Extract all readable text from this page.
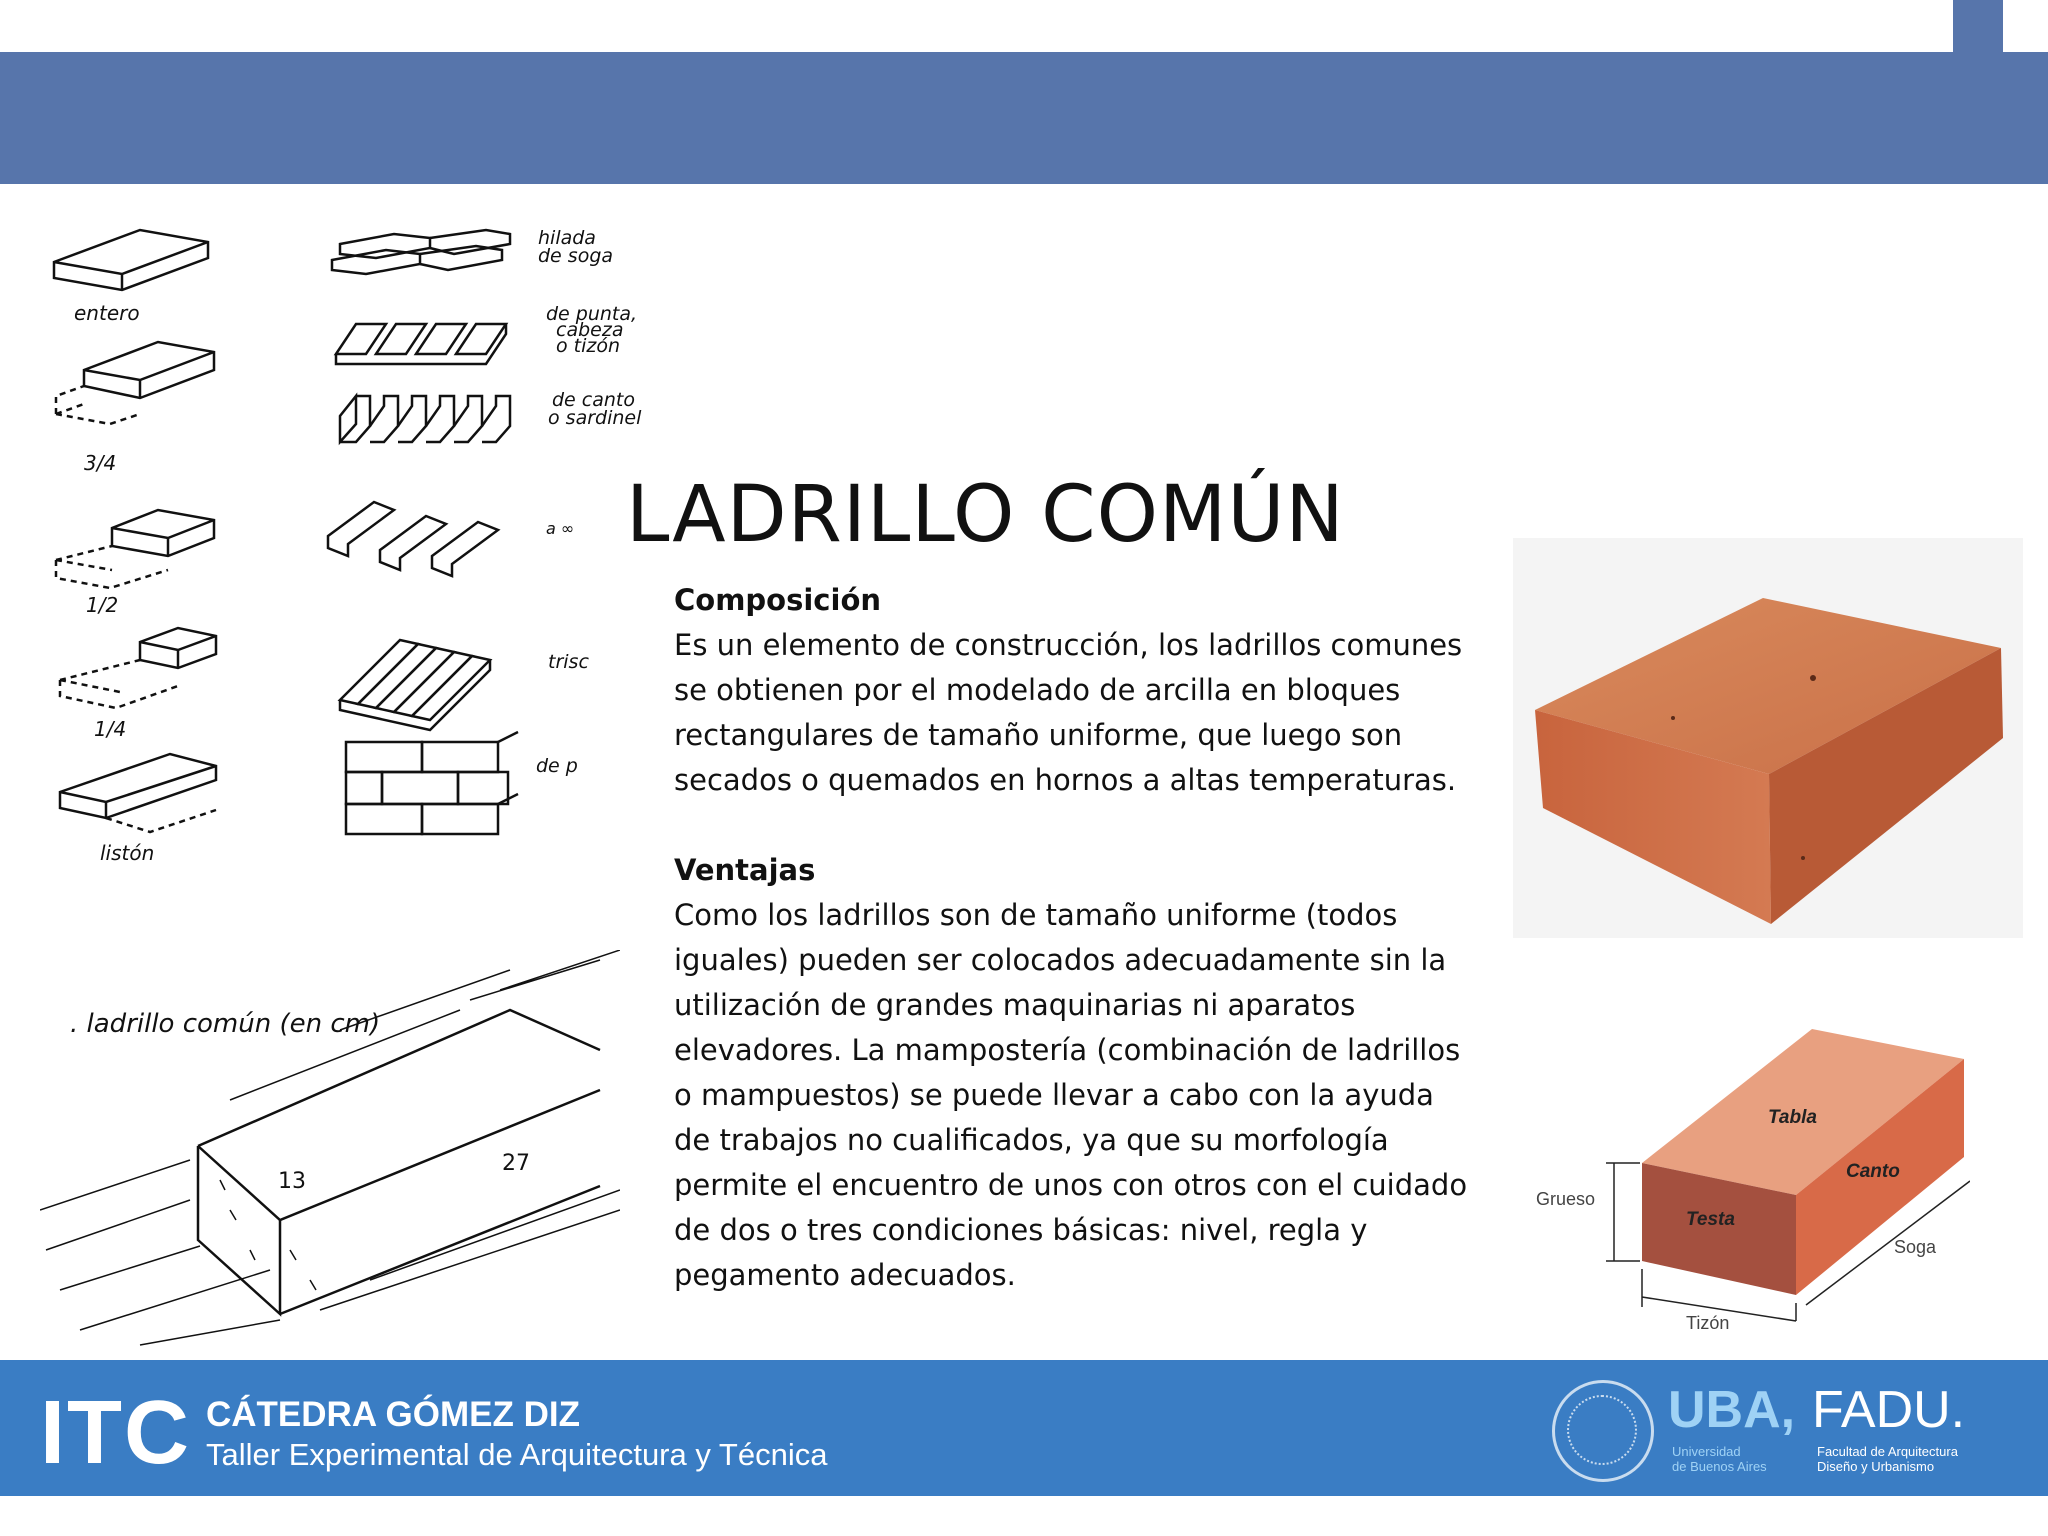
entero
3/4
1/2
1/4
listón
hilada
de soga
de punta,
cabeza
o tizón
de canto
o sardinel
a ∞
trisc
de p
. ladrillo común (en cm)
13
27
LADRILLO COMÚN
Composición

Es un elemento de construcción, los ladrillos comunes se obtienen por el modelado de arcilla en bloques rectangulares de tamaño uniforme, que luego son secados o quemados en hornos a altas temperaturas.

Ventajas

Como los ladrillos son de tamaño uniforme (todos iguales) pueden ser colocados adecuadamente sin la utilización de grandes maquinarias ni aparatos elevadores. La mampostería (combinación de ladrillos o mampuestos) se puede llevar a cabo con la ayuda de trabajos no cualificados, ya que su morfología permite el encuentro de unos con otros con el cuidado de dos o tres condiciones básicas: nivel, regla y pegamento adecuados.

Tabla
Canto
Testa
Grueso
Soga
Tizón
ITC CÁTEDRA GÓMEZ DIZ
Taller Experimental de Arquitectura y Técnica
UBA, FADU.
Universidad
de Buenos Aires
Facultad de Arquitectura
Diseño y Urbanismo
